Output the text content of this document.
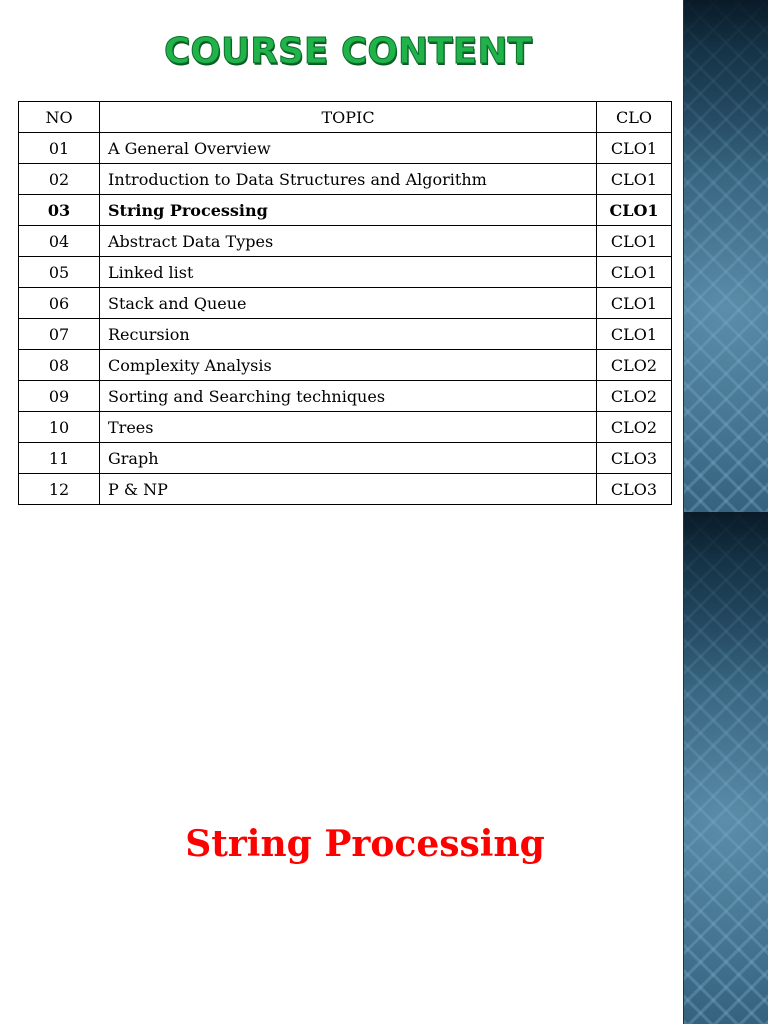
COURSE CONTENT
NO	TOPIC	CLO
01	A General Overview	CLO1
02	Introduction to Data Structures and Algorithm	CLO1
03	String Processing	CLO1
04	Abstract Data Types	CLO1
05	Linked list	CLO1
06	Stack and Queue	CLO1
07	Recursion	CLO1
08	Complexity Analysis	CLO2
09	Sorting and Searching techniques	CLO2
10	Trees	CLO2
11	Graph	CLO3
12	P & NP	CLO3
String Processing
